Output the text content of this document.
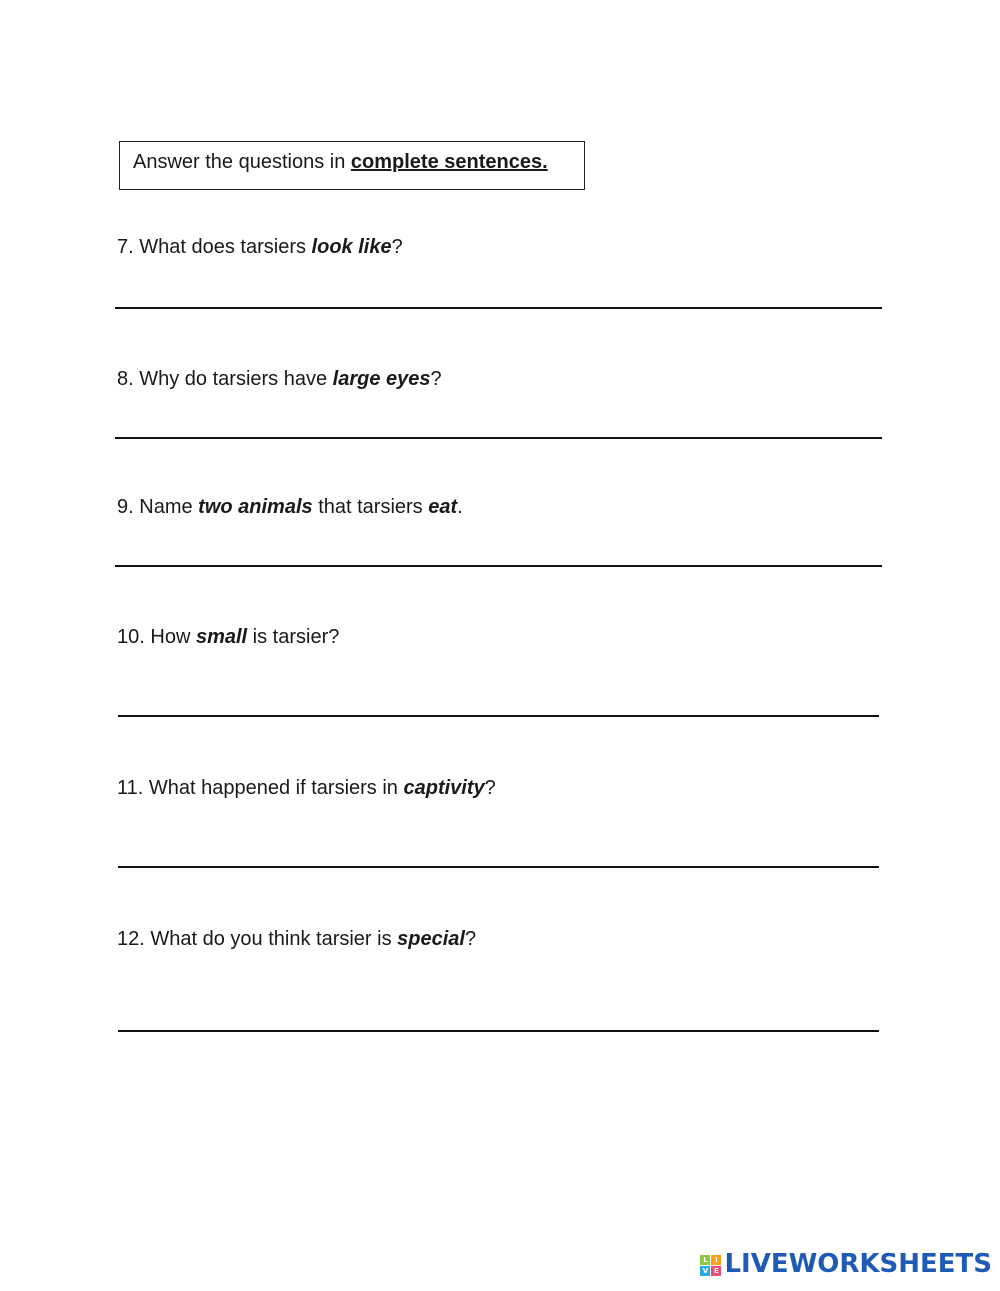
Answer the questions in complete sentences.
7. What does tarsiers look like?
8. Why do tarsiers have large eyes?
9. Name two animals that tarsiers eat.
10. How small is tarsier?
11. What happened if tarsiers in captivity?
12. What do you think tarsier is special?
L	I
V E LIVEWORKSHEETS
